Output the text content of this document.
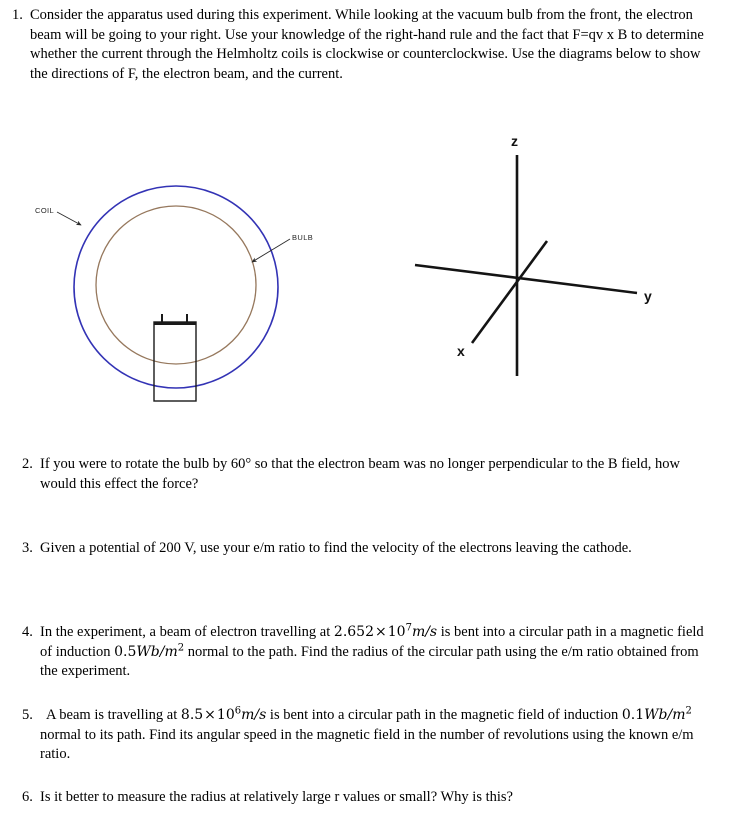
1. Consider the apparatus used during this experiment. While looking at the vacuum bulb from the front, the electron beam will be going to your right. Use your knowledge of the right-hand rule and the fact that F=qv x B to determine whether the current through the Helmholtz coils is clockwise or counterclockwise. Use the diagrams below to show the directions of F, the electron beam, and the current.
COIL
BULB
z
y
x
2. If you were to rotate the bulb by 60° so that the electron beam was no longer perpendicular to the B field, how would this effect the force?
3. Given a potential of 200 V, use your e/m ratio to find the velocity of the electrons leaving the cathode.
4. In the experiment, a beam of electron travelling at $2.652\times 10^7m/s$ is bent into a circular path in a magnetic field of induction $0.5Wb/m^2$ normal to the path. Find the radius of the circular path using the e/m ratio obtained from the experiment.
5. A beam is travelling at $8.5\times 10^6m/s$ is bent into a circular path in the magnetic field of induction $0.1Wb/m^2$ normal to its path. Find its angular speed in the magnetic field in the number of revolutions using the known e/m ratio.
6. Is it better to measure the radius at relatively large r values or small? Why is this?
